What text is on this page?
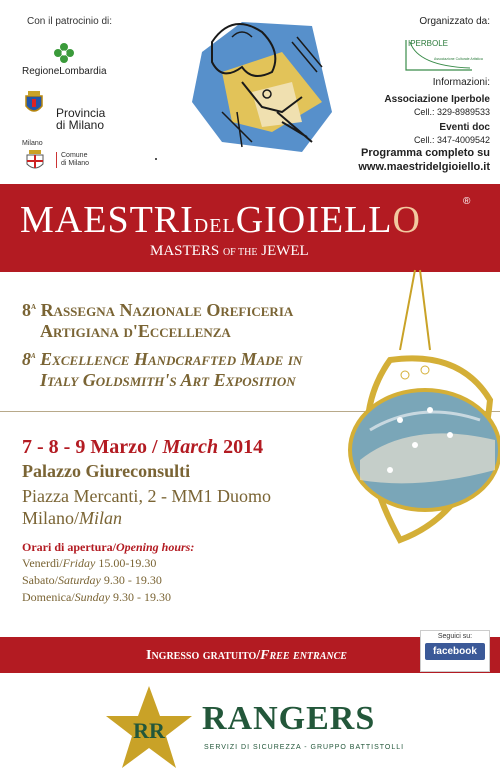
Con il patrocinio di:
RegioneLombardia
Provincia
di Milano
Milano
Comune
di Milano
Organizzato da:
IPERBOLE
Associazione Culturale Artistica
Informazioni:
Associazione Iperbole
Cell.: 329-8989533
Eventi doc
Cell.: 347-4009542
Programma completo su
www.maestridelgioiello.it
MAESTRIDELGIOIELLO	®
MASTERS OF THE JEWEL
8$^a$ Rassegna Nazionale Oreficeria
Artigiana d'Eccellenza
8$^a$ Excellence Handcrafted Made in
Italy Goldsmith's Art Exposition
7 - 8 - 9 Marzo / March 2014
Palazzo Giureconsulti
Piazza Mercanti, 2 - MM1 Duomo
Milano/Milan
Orari di apertura/Opening hours:
Venerdì/Friday 15.00-19.30
Sabato/Saturday 9.30 - 19.30
Domenica/Sunday 9.30 - 19.30
Ingresso gratuito/Free entrance
Seguici su:
facebook
RR RANGERS
SERVIZI DI SICUREZZA - GRUPPO BATTISTOLLI
